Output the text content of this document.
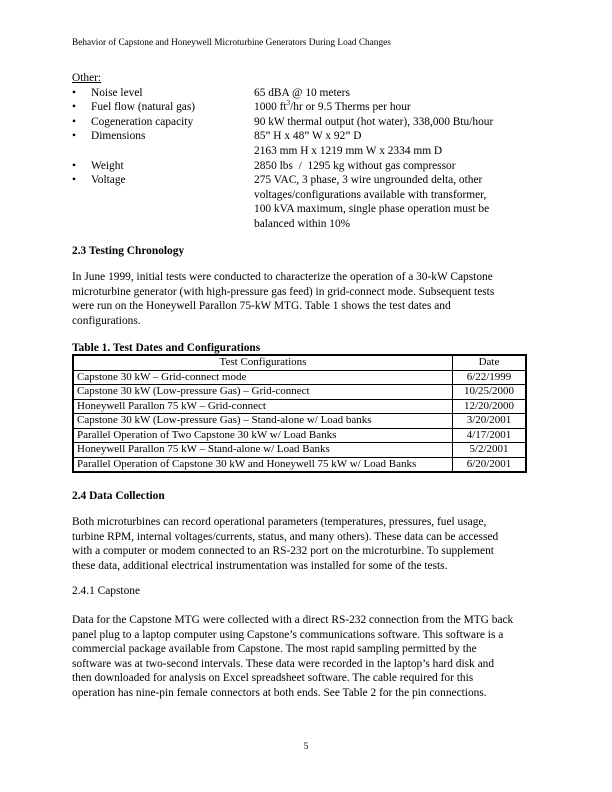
Behavior of Capstone and Honeywell Microturbine Generators During Load Changes
Other:
•	Noise level	65 dBA @ 10 meters
•	Fuel flow (natural gas)	1000 $ft^3/hr$ or 9.5 Therms per hour
•	Cogeneration capacity	90 kW thermal output (hot water), 338,000 Btu/hour
•	Dimensions	85” H x 48” W x 92” D
2163 mm H x 1219 mm W x 2334 mm D
•	Weight	2850 lbs  /  1295 kg without gas compressor
•	Voltage	275 VAC, 3 phase, 3 wire ungrounded delta, other
voltages/configurations available with transformer,
100 kVA maximum, single phase operation must be
balanced within 10%
2.3 Testing Chronology
In June 1999, initial tests were conducted to characterize the operation of a 30-kW Capstone
microturbine generator (with high-pressure gas feed) in grid-connect mode. Subsequent tests
were run on the Honeywell Parallon 75-kW MTG. Table 1 shows the test dates and
configurations.
Table 1. Test Dates and Configurations
Test Configurations	Date
Capstone 30 kW – Grid-connect mode	6/22/1999
Capstone 30 kW (Low-pressure Gas) – Grid-connect	10/25/2000
Honeywell Parallon 75 kW – Grid-connect	12/20/2000
Capstone 30 kW (Low-pressure Gas) – Stand-alone w/ Load banks	3/20/2001
Parallel Operation of Two Capstone 30 kW w/ Load Banks	4/17/2001
Honeywell Parallon 75 kW – Stand-alone w/ Load Banks	5/2/2001
Parallel Operation of Capstone 30 kW and Honeywell 75 kW w/ Load Banks	6/20/2001
2.4 Data Collection
Both microturbines can record operational parameters (temperatures, pressures, fuel usage,
turbine RPM, internal voltages/currents, status, and many others). These data can be accessed
with a computer or modem connected to an RS-232 port on the microturbine. To supplement
these data, additional electrical instrumentation was installed for some of the tests.
2.4.1 Capstone
Data for the Capstone MTG were collected with a direct RS-232 connection from the MTG back
panel plug to a laptop computer using Capstone’s communications software. This software is a
commercial package available from Capstone. The most rapid sampling permitted by the
software was at two-second intervals. These data were recorded in the laptop’s hard disk and
then downloaded for analysis on Excel spreadsheet software. The cable required for this
operation has nine-pin female connectors at both ends. See Table 2 for the pin connections.
5
